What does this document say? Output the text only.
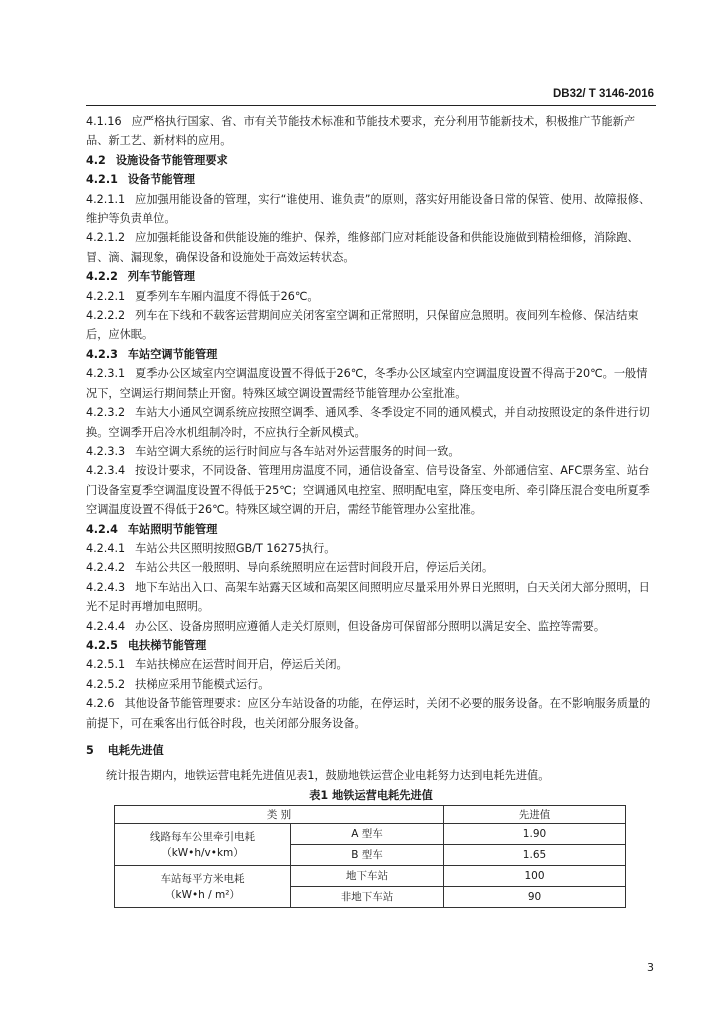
DB32/ T 3146-2016
4.1.16 应严格执行国家、省、市有关节能技术标准和节能技术要求，充分利用节能新技术，积极推广节能新产品、新工艺、新材料的应用。
4.2 设施设备节能管理要求
4.2.1 设备节能管理
4.2.1.1 应加强用能设备的管理，实行“谁使用、谁负责”的原则，落实好用能设备日常的保管、使用、故障报修、维护等负责单位。
4.2.1.2 应加强耗能设备和供能设施的维护、保养，维修部门应对耗能设备和供能设施做到精检细修，消除跑、冒、滴、漏现象，确保设备和设施处于高效运转状态。
4.2.2 列车节能管理
4.2.2.1 夏季列车车厢内温度不得低于26℃。
4.2.2.2 列车在下线和不载客运营期间应关闭客室空调和正常照明，只保留应急照明。夜间列车检修、保洁结束后，应休眠。
4.2.3 车站空调节能管理
4.2.3.1 夏季办公区域室内空调温度设置不得低于26℃，冬季办公区域室内空调温度设置不得高于20℃。一般情况下，空调运行期间禁止开窗。特殊区域空调设置需经节能管理办公室批准。
4.2.3.2 车站大小通风空调系统应按照空调季、通风季、冬季设定不同的通风模式，并自动按照设定的条件进行切换。空调季开启冷水机组制冷时，不应执行全新风模式。
4.2.3.3 车站空调大系统的运行时间应与各车站对外运营服务的时间一致。
4.2.3.4 按设计要求，不同设备、管理用房温度不同，通信设备室、信号设备室、外部通信室、AFC票务室、站台门设备室夏季空调温度设置不得低于25℃；空调通风电控室、照明配电室，降压变电所、牵引降压混合变电所夏季空调温度设置不得低于26℃。特殊区域空调的开启，需经节能管理办公室批准。
4.2.4 车站照明节能管理
4.2.4.1 车站公共区照明按照GB/T 16275执行。
4.2.4.2 车站公共区一般照明、导向系统照明应在运营时间段开启，停运后关闭。
4.2.4.3 地下车站出入口、高架车站露天区域和高架区间照明应尽量采用外界日光照明，白天关闭大部分照明，日光不足时再增加电照明。
4.2.4.4 办公区、设备房照明应遵循人走关灯原则，但设备房可保留部分照明以满足安全、监控等需要。
4.2.5 电扶梯节能管理
4.2.5.1 车站扶梯应在运营时间开启，停运后关闭。
4.2.5.2 扶梯应采用节能模式运行。
4.2.6 其他设备节能管理要求：应区分车站设备的功能，在停运时，关闭不必要的服务设备。在不影响服务质量的前提下，可在乘客出行低谷时段，也关闭部分服务设备。
5 电耗先进值
统计报告期内，地铁运营电耗先进值见表1，鼓励地铁运营企业电耗努力达到电耗先进值。
表1 地铁运营电耗先进值
类 别		先进值

线路每车公里牵引电耗
（kW•h/v•km）	A 型车	1.90
	B 型车	1.65

车站每平方米电耗
（kW•h / m²）	地下车站	100
	非地下车站	90
3
